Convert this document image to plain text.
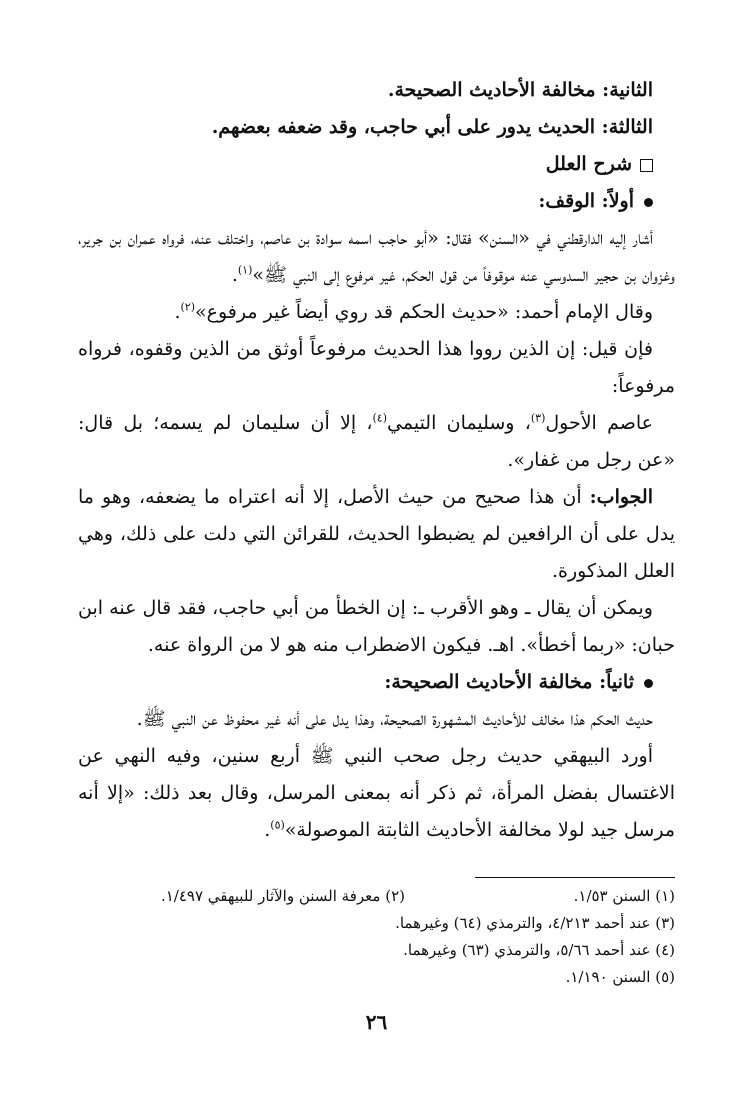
الثانية: مخالفة الأحاديث الصحيحة.

الثالثة: الحديث يدور على أبي حاجب، وقد ضعفه بعضهم.

شرح العلل

أولاً: الوقف:

أشار إليه الدارقطني في «السنن» فقال: «أبو حاجب اسمه سوادة بن عاصم، واختلف عنه، فرواه عمران بن جرير، وغزوان بن حجير السدوسي عنه موقوفاً من قول الحكم، غير مرفوع إلى النبي ﷺ»$^{(١)}$.

وقال الإمام أحمد: «حديث الحكم قد روي أيضاً غير مرفوع»$^{(٢)}$.

فإن قيل: إن الذين رووا هذا الحديث مرفوعاً أوثق من الذين وقفوه، فرواه مرفوعاً:

عاصم الأحول$^{(٣)}$، وسليمان التيمي$^{(٤)}$، إلا أن سليمان لم يسمه؛ بل قال: «عن رجل من غفار».

الجواب: أن هذا صحيح من حيث الأصل، إلا أنه اعتراه ما يضعفه، وهو ما يدل على أن الرافعين لم يضبطوا الحديث، للقرائن التي دلت على ذلك، وهي العلل المذكورة.

ويمكن أن يقال ـ وهو الأقرب ـ: إن الخطأ من أبي حاجب، فقد قال عنه ابن حبان: «ربما أخطأ». اهـ. فيكون الاضطراب منه هو لا من الرواة عنه.

ثانياً: مخالفة الأحاديث الصحيحة:

حديث الحكم هذا مخالف للأحاديث المشهورة الصحيحة، وهذا يدل على أنه غير محفوظ عن النبي ﷺ.

أورد البيهقي حديث رجل صحب النبي ﷺ أربع سنين، وفيه النهي عن الاغتسال بفضل المرأة، ثم ذكر أنه بمعنى المرسل، وقال بعد ذلك: «إلا أنه مرسل جيد لولا مخالفة الأحاديث الثابتة الموصولة»$^{(٥)}$.

(١) السنن ١/٥٣.
(٢) معرفة السنن والآثار للبيهقي ١/٤٩٧.
(٣) عند أحمد ٤/٢١٣، والترمذي (٦٤) وغيرهما.
(٤) عند أحمد ٥/٦٦، والترمذي (٦٣) وغيرهما.
(٥) السنن ١/١٩٠.
٢٦
